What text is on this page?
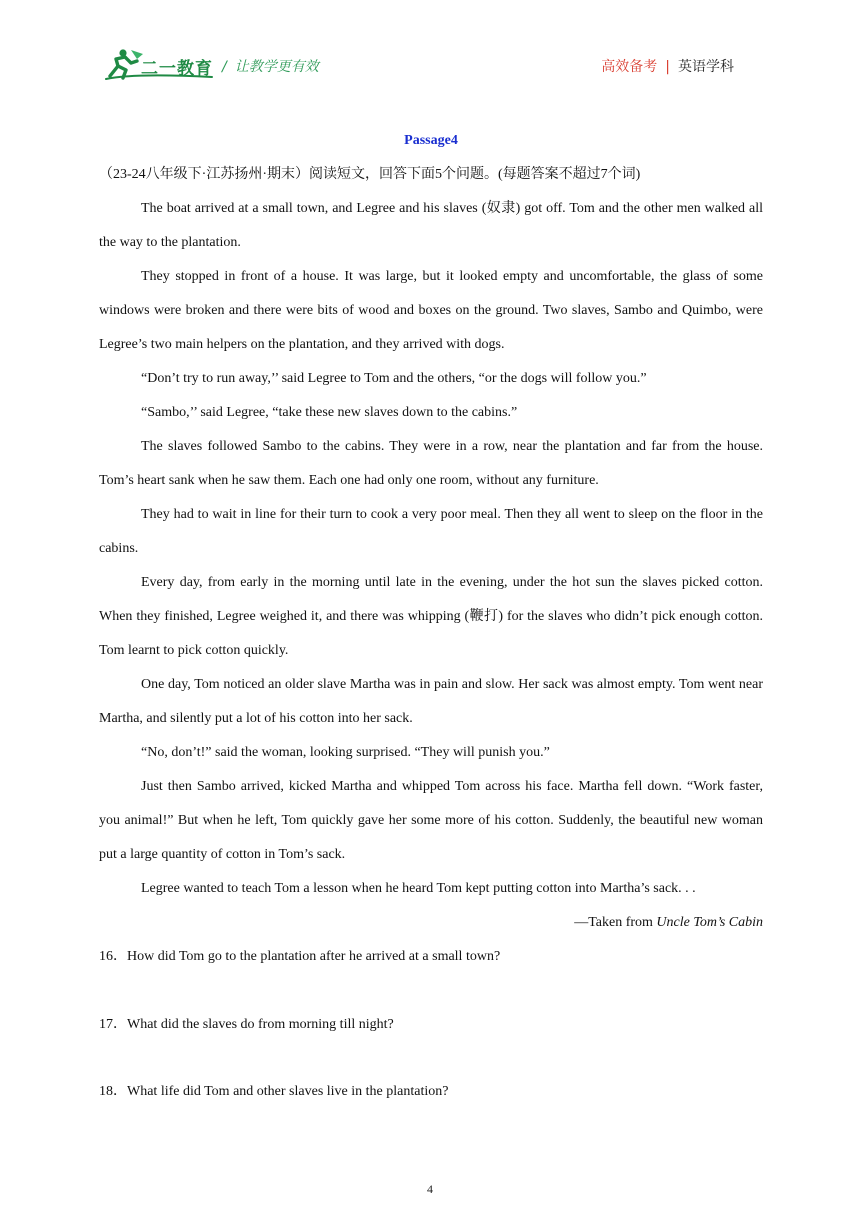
二一教育 / 让教学更有效	高效备考 | 英语学科

Passage4

（23-24八年级下·江苏扬州·期末）阅读短文，回答下面5个问题。(每题答案不超过7个词)

The boat arrived at a small town, and Legree and his slaves (奴隶) got off. Tom and the other men walked all the way to the plantation.

They stopped in front of a house. It was large, but it looked empty and uncomfortable, the glass of some windows were broken and there were bits of wood and boxes on the ground. Two slaves, Sambo and Quimbo, were Legree’s two main helpers on the plantation, and they arrived with dogs.

“Don’t try to run away,’’ said Legree to Tom and the others, “or the dogs will follow you.”

“Sambo,’’ said Legree, “take these new slaves down to the cabins.”

The slaves followed Sambo to the cabins. They were in a row, near the plantation and far from the house. Tom’s heart sank when he saw them. Each one had only one room, without any furniture.

They had to wait in line for their turn to cook a very poor meal. Then they all went to sleep on the floor in the cabins.

Every day, from early in the morning until late in the evening, under the hot sun the slaves picked cotton. When they finished, Legree weighed it, and there was whipping (鞭打) for the slaves who didn’t pick enough cotton. Tom learnt to pick cotton quickly.

One day, Tom noticed an older slave Martha was in pain and slow. Her sack was almost empty. Tom went near Martha, and silently put a lot of his cotton into her sack.

“No, don’t!” said the woman, looking surprised. “They will punish you.”

Just then Sambo arrived, kicked Martha and whipped Tom across his face. Martha fell down. “Work faster, you animal!” But when he left, Tom quickly gave her some more of his cotton. Suddenly, the beautiful new woman put a large quantity of cotton in Tom’s sack.

Legree wanted to teach Tom a lesson when he heard Tom kept putting cotton into Martha’s sack. . .

—Taken from Uncle Tom’s Cabin

16．How did Tom go to the plantation after he arrived at a small town?

17．What did the slaves do from morning till night?

18．What life did Tom and other slaves live in the plantation?

4
